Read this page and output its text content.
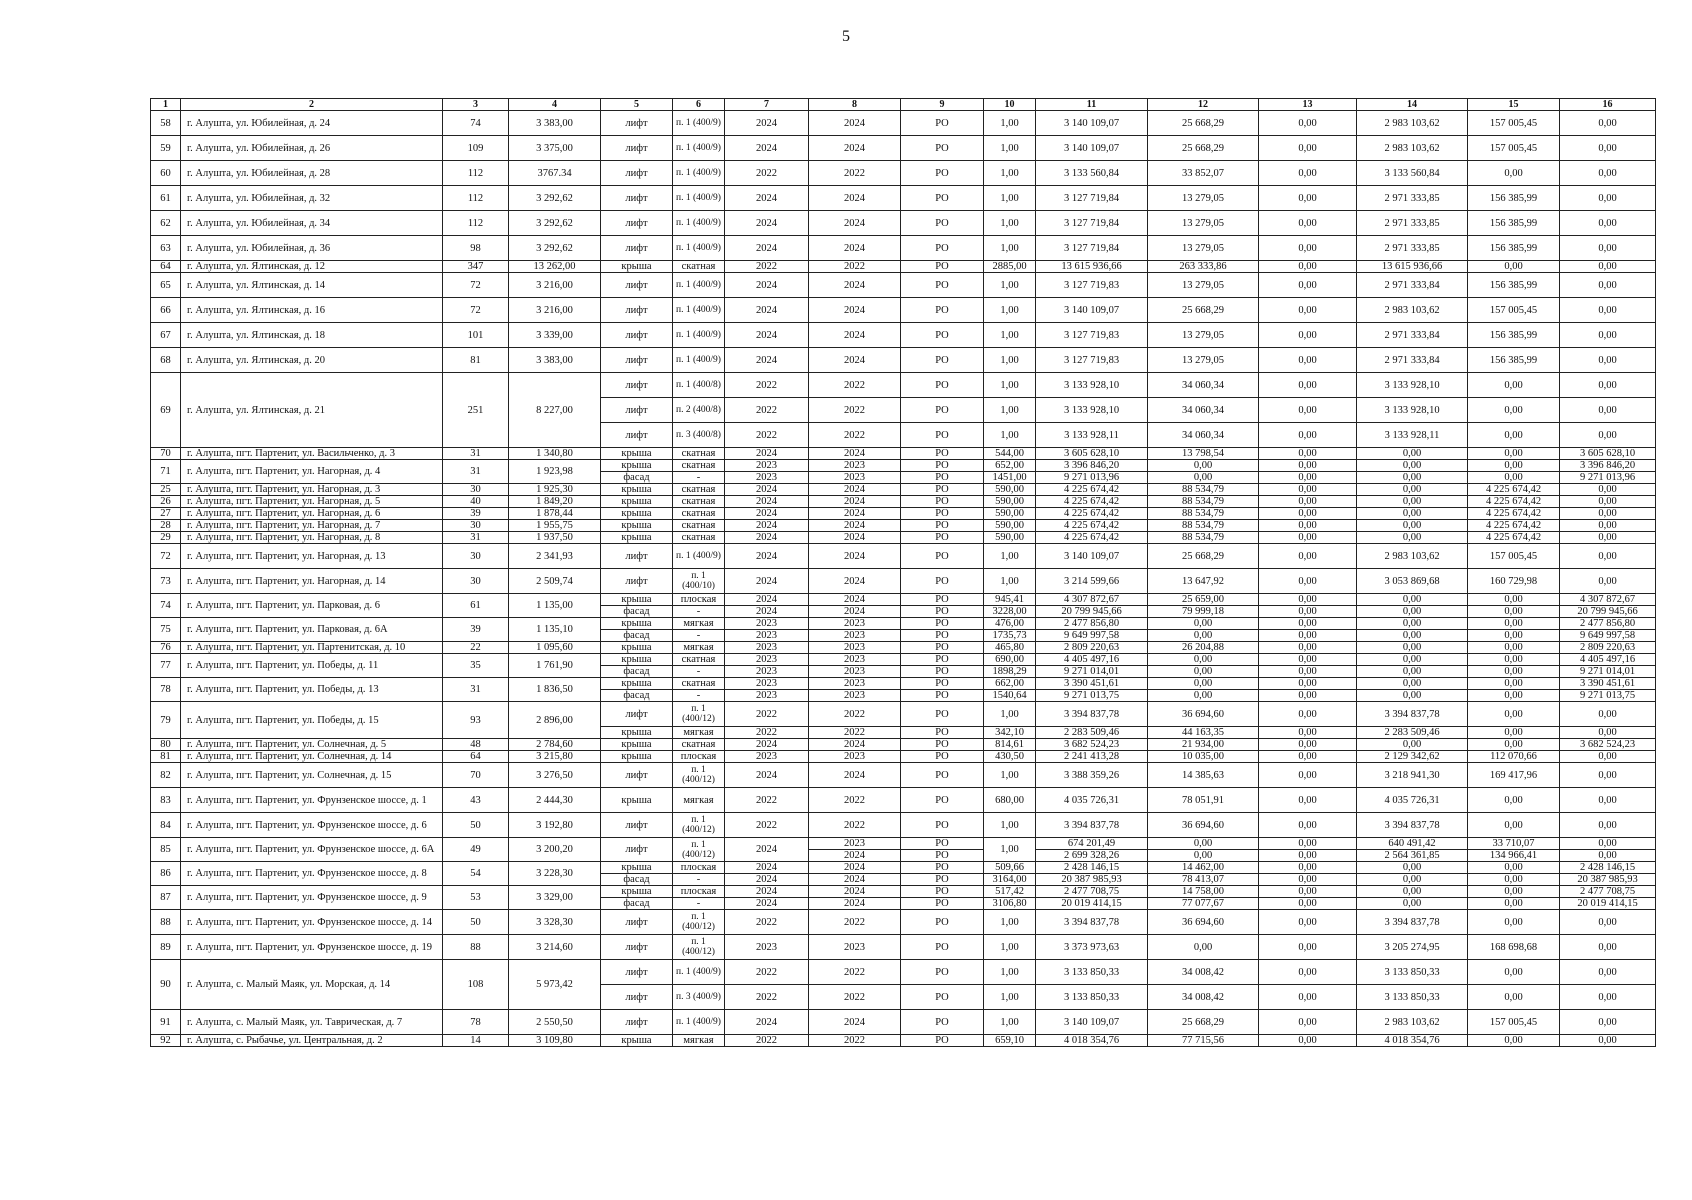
5
1	2	3	4	5	6	7	8	9	10	11	12	13	14	15	16
58	г. Алушта, ул. Юбилейная, д. 24	74	3 383,00	лифт	п. 1 (400/9)	2024	2024	РО	1,00	3 140 109,07	25 668,29	0,00	2 983 103,62	157 005,45	0,00
59	г. Алушта, ул. Юбилейная, д. 26	109	3 375,00	лифт	п. 1 (400/9)	2024	2024	РО	1,00	3 140 109,07	25 668,29	0,00	2 983 103,62	157 005,45	0,00
60	г. Алушта, ул. Юбилейная, д. 28	112	3767.34	лифт	п. 1 (400/9)	2022	2022	РО	1,00	3 133 560,84	33 852,07	0,00	3 133 560,84	0,00	0,00
61	г. Алушта, ул. Юбилейная, д. 32	112	3 292,62	лифт	п. 1 (400/9)	2024	2024	РО	1,00	3 127 719,84	13 279,05	0,00	2 971 333,85	156 385,99	0,00
62	г. Алушта, ул. Юбилейная, д. 34	112	3 292,62	лифт	п. 1 (400/9)	2024	2024	РО	1,00	3 127 719,84	13 279,05	0,00	2 971 333,85	156 385,99	0,00
63	г. Алушта, ул. Юбилейная, д. 36	98	3 292,62	лифт	п. 1 (400/9)	2024	2024	РО	1,00	3 127 719,84	13 279,05	0,00	2 971 333,85	156 385,99	0,00
64	г. Алушта, ул. Ялтинская, д. 12	347	13 262,00	крыша	скатная	2022	2022	РО	2885,00	13 615 936,66	263 333,86	0,00	13 615 936,66	0,00	0,00
65	г. Алушта, ул. Ялтинская, д. 14	72	3 216,00	лифт	п. 1 (400/9)	2024	2024	РО	1,00	3 127 719,83	13 279,05	0,00	2 971 333,84	156 385,99	0,00
66	г. Алушта, ул. Ялтинская, д. 16	72	3 216,00	лифт	п. 1 (400/9)	2024	2024	РО	1,00	3 140 109,07	25 668,29	0,00	2 983 103,62	157 005,45	0,00
67	г. Алушта, ул. Ялтинская, д. 18	101	3 339,00	лифт	п. 1 (400/9)	2024	2024	РО	1,00	3 127 719,83	13 279,05	0,00	2 971 333,84	156 385,99	0,00
68	г. Алушта, ул. Ялтинская, д. 20	81	3 383,00	лифт	п. 1 (400/9)	2024	2024	РО	1,00	3 127 719,83	13 279,05	0,00	2 971 333,84	156 385,99	0,00
69	г. Алушта, ул. Ялтинская, д. 21	251	8 227,00	лифт	п. 1 (400/8)	2022	2022	РО	1,00	3 133 928,10	34 060,34	0,00	3 133 928,10	0,00	0,00
				лифт	п. 2 (400/8)	2022	2022	РО	1,00	3 133 928,10	34 060,34	0,00	3 133 928,10	0,00	0,00
				лифт	п. 3 (400/8)	2022	2022	РО	1,00	3 133 928,11	34 060,34	0,00	3 133 928,11	0,00	0,00
70	г. Алушта, пгт. Партенит, ул. Васильченко, д. 3	31	1 340,80	крыша	скатная	2024	2024	РО	544,00	3 605 628,10	13 798,54	0,00	0,00	0,00	3 605 628,10
71	г. Алушта, пгт. Партенит, ул. Нагорная, д. 4	31	1 923,98	крыша	скатная	2023	2023	РО	652,00	3 396 846,20	0,00	0,00	0,00	0,00	3 396 846,20
				фасад	-	2023	2023	РО	1451,00	9 271 013,96	0,00	0,00	0,00	0,00	9 271 013,96
25	г. Алушта, пгт. Партенит, ул. Нагорная, д. 3	30	1 925,30	крыша	скатная	2024	2024	РО	590,00	4 225 674,42	88 534,79	0,00	0,00	4 225 674,42	0,00
26	г. Алушта, пгт. Партенит, ул. Нагорная, д. 5	40	1 849,20	крыша	скатная	2024	2024	РО	590,00	4 225 674,42	88 534,79	0,00	0,00	4 225 674,42	0,00
27	г. Алушта, пгт. Партенит, ул. Нагорная, д. 6	39	1 878,44	крыша	скатная	2024	2024	РО	590,00	4 225 674,42	88 534,79	0,00	0,00	4 225 674,42	0,00
28	г. Алушта, пгт. Партенит, ул. Нагорная, д. 7	30	1 955,75	крыша	скатная	2024	2024	РО	590,00	4 225 674,42	88 534,79	0,00	0,00	4 225 674,42	0,00
29	г. Алушта, пгт. Партенит, ул. Нагорная, д. 8	31	1 937,50	крыша	скатная	2024	2024	РО	590,00	4 225 674,42	88 534,79	0,00	0,00	4 225 674,42	0,00
72	г. Алушта, пгт. Партенит, ул. Нагорная, д. 13	30	2 341,93	лифт	п. 1 (400/9)	2024	2024	РО	1,00	3 140 109,07	25 668,29	0,00	2 983 103,62	157 005,45	0,00
73	г. Алушта, пгт. Партенит, ул. Нагорная, д. 14	30	2 509,74	лифт	п. 1 (400/10)	2024	2024	РО	1,00	3 214 599,66	13 647,92	0,00	3 053 869,68	160 729,98	0,00
74	г. Алушта, пгт. Партенит, ул. Парковая, д. 6	61	1 135,00	крыша	плоская	2024	2024	РО	945,41	4 307 872,67	25 659,00	0,00	0,00	0,00	4 307 872,67
				фасад	-	2024	2024	РО	3228,00	20 799 945,66	79 999,18	0,00	0,00	0,00	20 799 945,66
75	г. Алушта, пгт. Партенит, ул. Парковая, д. 6А	39	1 135,10	крыша	мягкая	2023	2023	РО	476,00	2 477 856,80	0,00	0,00	0,00	0,00	2 477 856,80
				фасад	-	2023	2023	РО	1735,73	9 649 997,58	0,00	0,00	0,00	0,00	9 649 997,58
76	г. Алушта, пгт. Партенит, ул. Партенитская, д. 10	22	1 095,60	крыша	мягкая	2023	2023	РО	465,80	2 809 220,63	26 204,88	0,00	0,00	0,00	2 809 220,63
77	г. Алушта, пгт. Партенит, ул. Победы, д. 11	35	1 761,90	крыша	скатная	2023	2023	РО	690,00	4 405 497,16	0,00	0,00	0,00	0,00	4 405 497,16
				фасад	-	2023	2023	РО	1898,29	9 271 014,01	0,00	0,00	0,00	0,00	9 271 014,01
78	г. Алушта, пгт. Партенит, ул. Победы, д. 13	31	1 836,50	крыша	скатная	2023	2023	РО	662,00	3 390 451,61	0,00	0,00	0,00	0,00	3 390 451,61
				фасад	-	2023	2023	РО	1540,64	9 271 013,75	0,00	0,00	0,00	0,00	9 271 013,75
79	г. Алушта, пгт. Партенит, ул. Победы, д. 15	93	2 896,00	лифт	п. 1 (400/12)	2022	2022	РО	1,00	3 394 837,78	36 694,60	0,00	3 394 837,78	0,00	0,00
				крыша	мягкая	2022	2022	РО	342,10	2 283 509,46	44 163,35	0,00	2 283 509,46	0,00	0,00
80	г. Алушта, пгт. Партенит, ул. Солнечная, д. 5	48	2 784,60	крыша	скатная	2024	2024	РО	814,61	3 682 524,23	21 934,00	0,00	0,00	0,00	3 682 524,23
81	г. Алушта, пгт. Партенит, ул. Солнечная, д. 14	64	3 215,80	крыша	плоская	2023	2023	РО	430,50	2 241 413,28	10 035,00	0,00	2 129 342,62	112 070,66	0,00
82	г. Алушта, пгт. Партенит, ул. Солнечная, д. 15	70	3 276,50	лифт	п. 1 (400/12)	2024	2024	РО	1,00	3 388 359,26	14 385,63	0,00	3 218 941,30	169 417,96	0,00
83	г. Алушта, пгт. Партенит, ул. Фрунзенское шоссе, д. 1	43	2 444,30	крыша	мягкая	2022	2022	РО	680,00	4 035 726,31	78 051,91	0,00	4 035 726,31	0,00	0,00
84	г. Алушта, пгт. Партенит, ул. Фрунзенское шоссе, д. 6	50	3 192,80	лифт	п. 1 (400/12)	2022	2022	РО	1,00	3 394 837,78	36 694,60	0,00	3 394 837,78	0,00	0,00
85	г. Алушта, пгт. Партенит, ул. Фрунзенское шоссе, д. 6А	49	3 200,20	лифт	п. 1 (400/12)	2024	2023	РО	1,00	674 201,49	0,00	0,00	640 491,42	33 710,07	0,00
							2024	РО		2 699 328,26	0,00	0,00	2 564 361,85	134 966,41	0,00
86	г. Алушта, пгт. Партенит, ул. Фрунзенское шоссе, д. 8	54	3 228,30	крыша	плоская	2024	2024	РО	509,66	2 428 146,15	14 462,00	0,00	0,00	0,00	2 428 146,15
				фасад	-	2024	2024	РО	3164,00	20 387 985,93	78 413,07	0,00	0,00	0,00	20 387 985,93
87	г. Алушта, пгт. Партенит, ул. Фрунзенское шоссе, д. 9	53	3 329,00	крыша	плоская	2024	2024	РО	517,42	2 477 708,75	14 758,00	0,00	0,00	0,00	2 477 708,75
				фасад	-	2024	2024	РО	3106,80	20 019 414,15	77 077,67	0,00	0,00	0,00	20 019 414,15
88	г. Алушта, пгт. Партенит, ул. Фрунзенское шоссе, д. 14	50	3 328,30	лифт	п. 1 (400/12)	2022	2022	РО	1,00	3 394 837,78	36 694,60	0,00	3 394 837,78	0,00	0,00
89	г. Алушта, пгт. Партенит, ул. Фрунзенское шоссе, д. 19	88	3 214,60	лифт	п. 1 (400/12)	2023	2023	РО	1,00	3 373 973,63	0,00	0,00	3 205 274,95	168 698,68	0,00
90	г. Алушта, с. Малый Маяк, ул. Морская, д. 14	108	5 973,42	лифт	п. 1 (400/9)	2022	2022	РО	1,00	3 133 850,33	34 008,42	0,00	3 133 850,33	0,00	0,00
				лифт	п. 3 (400/9)	2022	2022	РО	1,00	3 133 850,33	34 008,42	0,00	3 133 850,33	0,00	0,00
91	г. Алушта, с. Малый Маяк, ул. Таврическая, д. 7	78	2 550,50	лифт	п. 1 (400/9)	2024	2024	РО	1,00	3 140 109,07	25 668,29	0,00	2 983 103,62	157 005,45	0,00
92	г. Алушта, с. Рыбачье, ул. Центральная, д. 2	14	3 109,80	крыша	мягкая	2022	2022	РО	659,10	4 018 354,76	77 715,56	0,00	4 018 354,76	0,00	0,00
